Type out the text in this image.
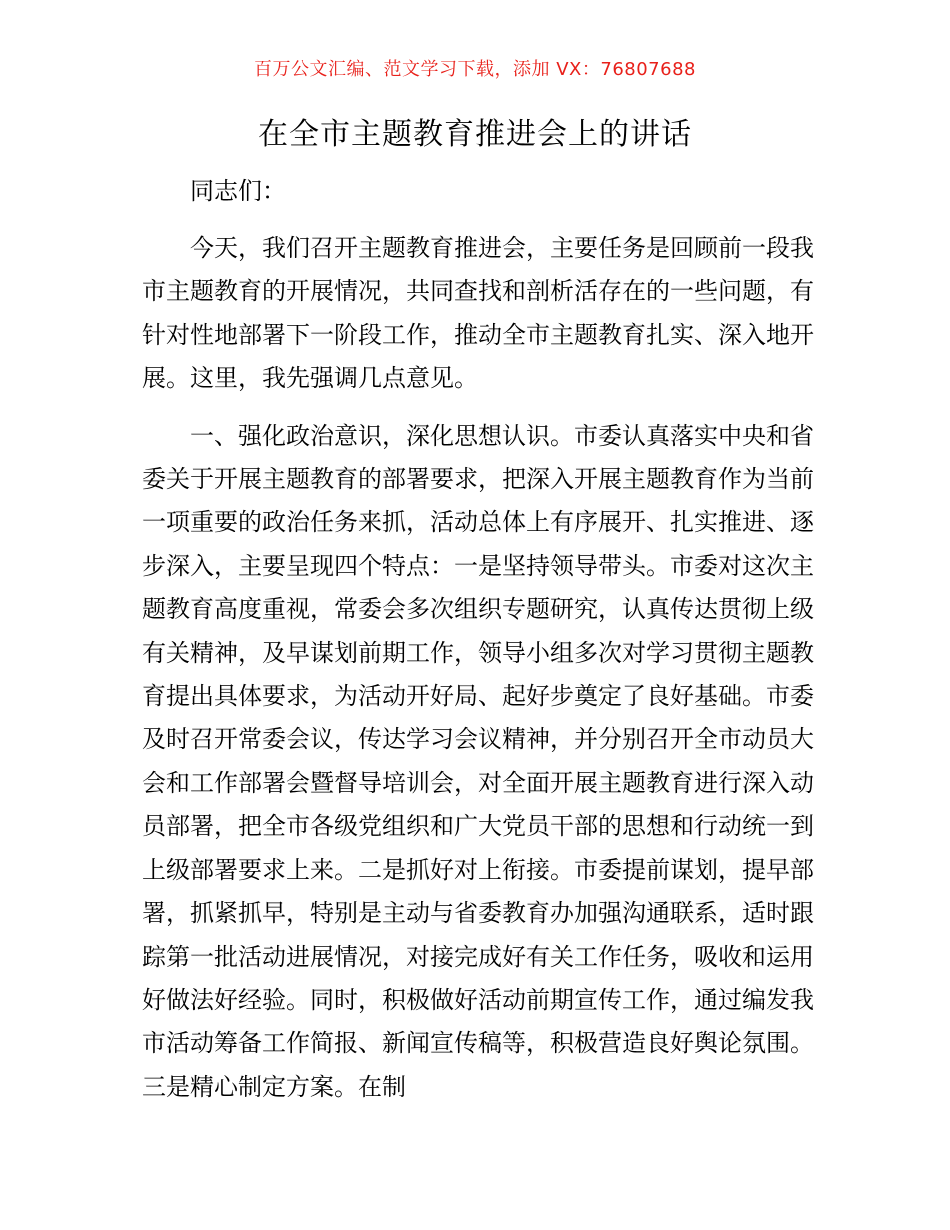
百万公文汇编、范文学习下载，添加 VX：76807688
在全市主题教育推进会上的讲话

同志们：

今天，我们召开主题教育推进会，主要任务是回顾前一段我市主题教育的开展情况，共同查找和剖析活存在的一些问题，有针对性地部署下一阶段工作，推动全市主题教育扎实、深入地开展。这里，我先强调几点意见。

一、强化政治意识，深化思想认识。市委认真落实中央和省委关于开展主题教育的部署要求，把深入开展主题教育作为当前一项重要的政治任务来抓，活动总体上有序展开、扎实推进、逐步深入，主要呈现四个特点：一是坚持领导带头。市委对这次主题教育高度重视，常委会多次组织专题研究，认真传达贯彻上级有关精神，及早谋划前期工作，领导小组多次对学习贯彻主题教育提出具体要求，为活动开好局、起好步奠定了良好基础。市委及时召开常委会议，传达学习会议精神，并分别召开全市动员大会和工作部署会暨督导培训会，对全面开展主题教育进行深入动员部署，把全市各级党组织和广大党员干部的思想和行动统一到上级部署要求上来。二是抓好对上衔接。市委提前谋划，提早部署，抓紧抓早，特别是主动与省委教育办加强沟通联系，适时跟踪第一批活动进展情况，对接完成好有关工作任务，吸收和运用好做法好经验。同时，积极做好活动前期宣传工作，通过编发我市活动筹备工作简报、新闻宣传稿等，积极营造良好舆论氛围。三是精心制定方案。在制
